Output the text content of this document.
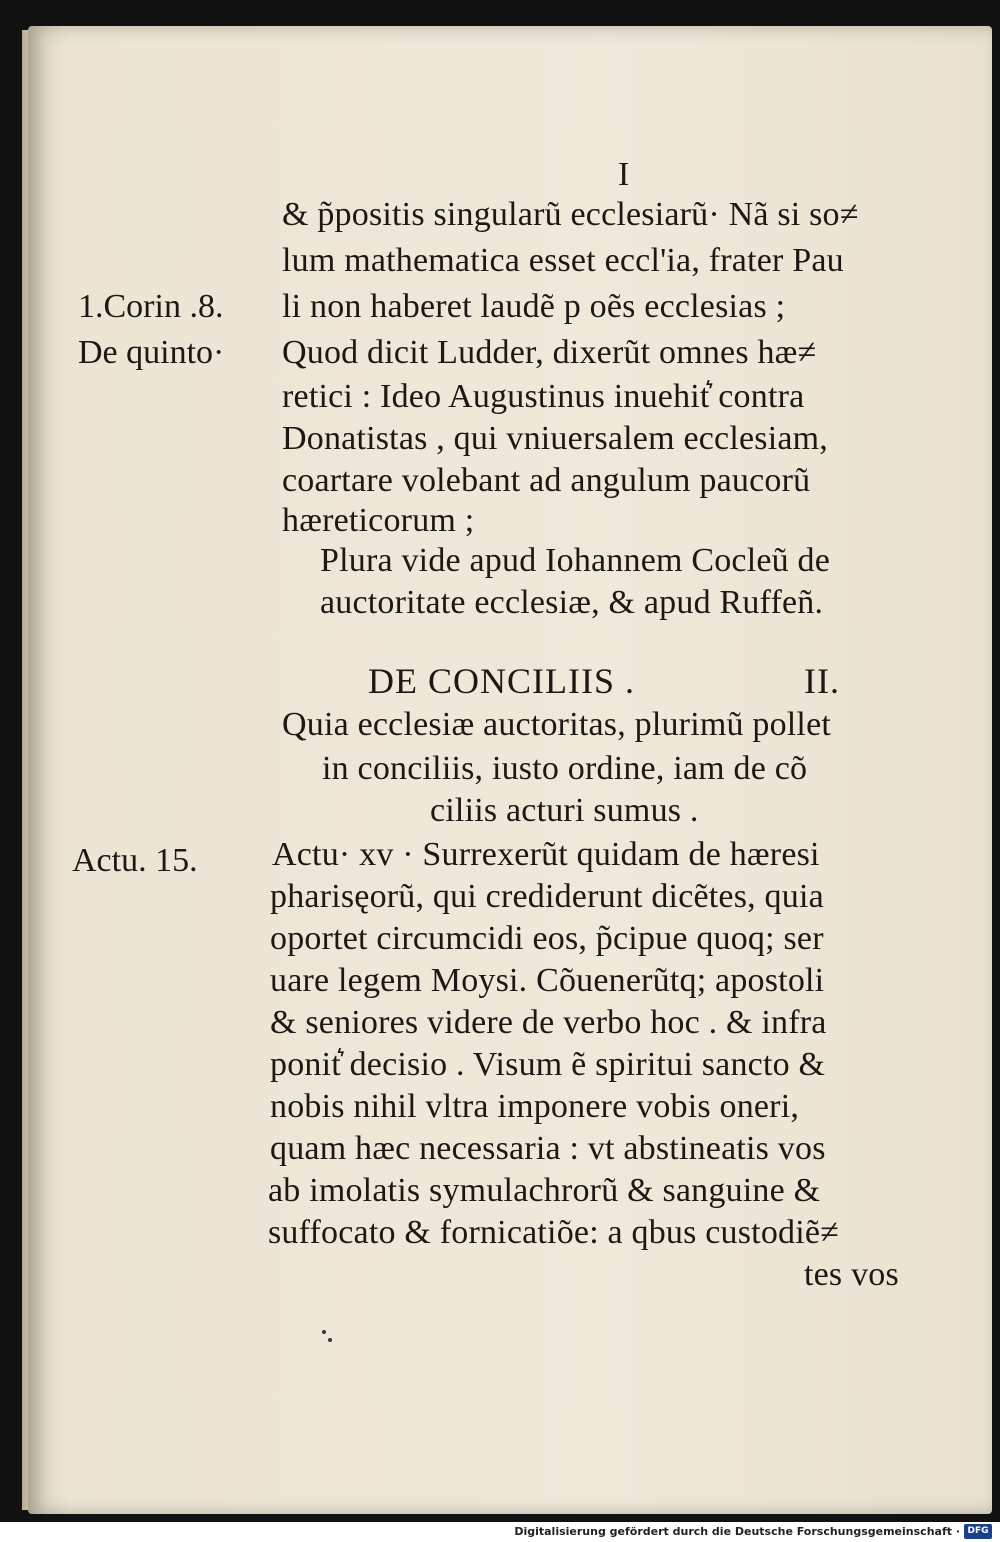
I
1.Corin .8.
De quinto·
Actu. 15.
& p̃positis singularũ ecclesiarũ· Nã si so≠
lum mathematica esset eccl'ia, frater Pau
li non haberet laudẽ p oẽs ecclesias ;
Quod dicit Ludder, dixerũt omnes hæ≠
retici : Ideo Augustinus inuehit͛ contra
Donatistas , qui vniuersalem ecclesiam,
coartare volebant ad angulum paucorũ
hæreticorum ;
Plura vide apud Iohannem Cocleũ de
auctoritate ecclesiæ, & apud Ruffeñ.
DE CONCILIIS .	II.
Quia ecclesiæ auctoritas, plurimũ pollet
in conciliis, iusto ordine, iam de cõ
ciliis acturi sumus .
Actu· xv · Surrexerũt quidam de hæresi
pharisęorũ, qui crediderunt dicẽtes, quia
oportet circumcidi eos, p̃cipue quoq; ser
uare legem Moysi. Cõuenerũtq; apostoli
& seniores videre de verbo hoc . & infra
ponit͛ decisio . Visum ẽ spiritui sancto &
nobis nihil vltra imponere vobis oneri,
quam hæc necessaria : vt abstineatis vos
ab imolatis symulachrorũ & sanguine &
suffocato & fornicatiõe: a qbus custodiẽ≠
tes vos
Digitalisierung gefördert durch die Deutsche Forschungsgemeinschaft · DFG
